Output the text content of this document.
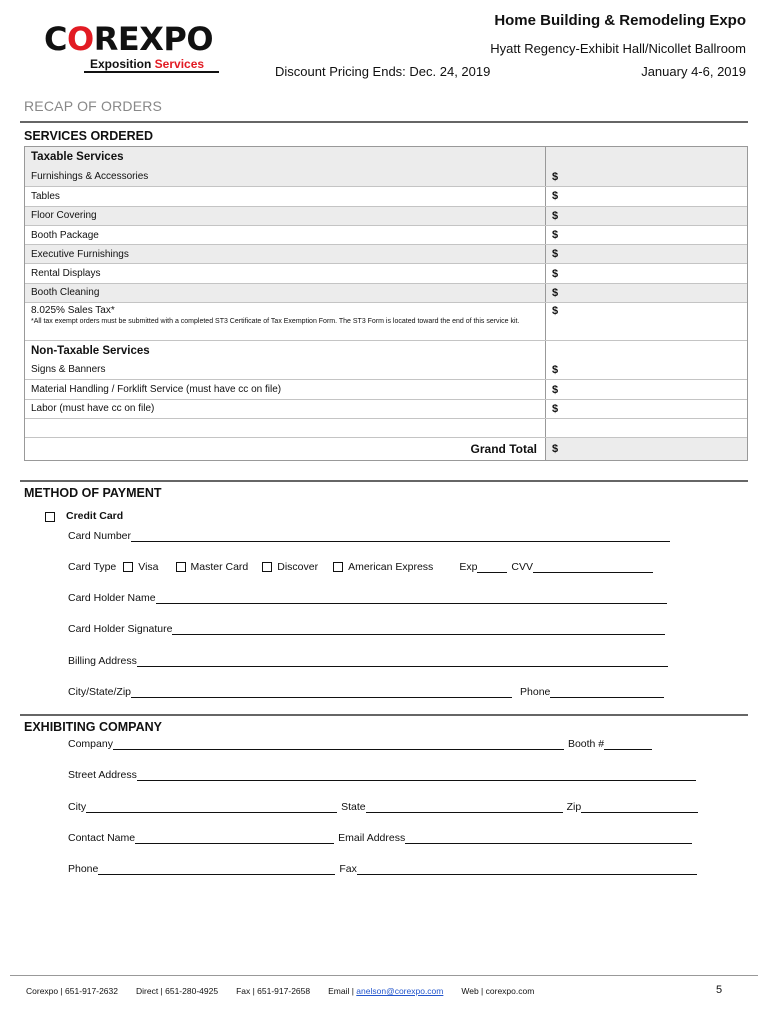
COREXPO
Exposition Services
Home Building & Remodeling Expo
Hyatt Regency-Exhibit Hall/Nicollet Ballroom
Discount Pricing Ends: Dec. 24, 2019	January 4-6, 2019
RECAP OF ORDERS
SERVICES ORDERED
Taxable Services
Furnishings & Accessories	$
Tables	$
Floor Covering	$
Booth Package	$
Executive Furnishings	$
Rental Displays	$
Booth Cleaning	$
8.025% Sales Tax*
*All tax exempt orders must be submitted with a completed ST3 Certificate of Tax Exemption Form. The ST3 Form is located toward the end of this service kit.
$
Non-Taxable Services
Signs & Banners	$
Material Handling / Forklift Service (must have cc on file)	$
Labor (must have cc on file)	$
Grand Total	$
METHOD OF PAYMENT
Credit Card
Card Number
Card Type Visa	Master Card	Discover	American Express Exp	CVV
Card Holder Name
Card Holder Signature
Billing Address
City/State/Zip	Phone
EXHIBITING COMPANY
Company	Booth #
Street Address
City	State	Zip
Contact Name	Email Address
Phone	Fax
Corexpo | 651-917-2632 Direct | 651-280-4925 Fax | 651-917-2658 Email | anelson@corexpo.com Web | corexpo.com	5
